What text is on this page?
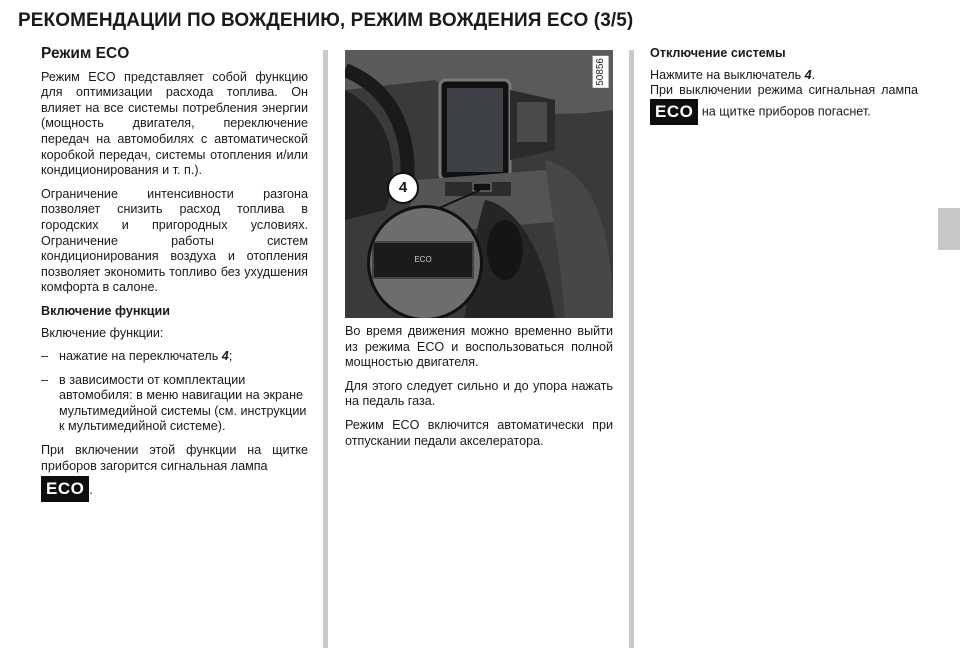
РЕКОМЕНДАЦИИ ПО ВОЖДЕНИЮ, РЕЖИМ ВОЖДЕНИЯ ECO (3/5)
Режим ECO

Режим ECO представляет собой функцию для оптимизации расхода топлива. Он влияет на все системы потребления энергии (мощность двигателя, переключение передач на автомобилях с автоматической коробкой передач, системы отопления и/или кондиционирования и т. п.).

Ограничение интенсивности разгона позволяет снизить расход топлива в городских и пригородных условиях. Ограничение работы систем кондиционирования воздуха и отопления позволяет экономить топливо без ухудшения комфорта в салоне.

Включение функции

Включение функции:

– нажатие на переключатель 4;
– в зависимости от комплектации автомобиля: в меню навигации на экране мультимедийной системы (см. инструкции к мультимедийной системе).

При включении этой функции на щитке приборов загорится сигнальная лампа

ECO .
50856
4
ECO

Во время движения можно временно выйти из режима ECO и воспользоваться полной мощностью двигателя.

Для этого следует сильно и до упора нажать на педаль газа.

Режим ECO включится автоматически при отпускании педали акселератора.

Отключение системы

Нажмите на выключатель 4.

При выключении режима сигнальная лампа ECO на щитке приборов погаснет.
